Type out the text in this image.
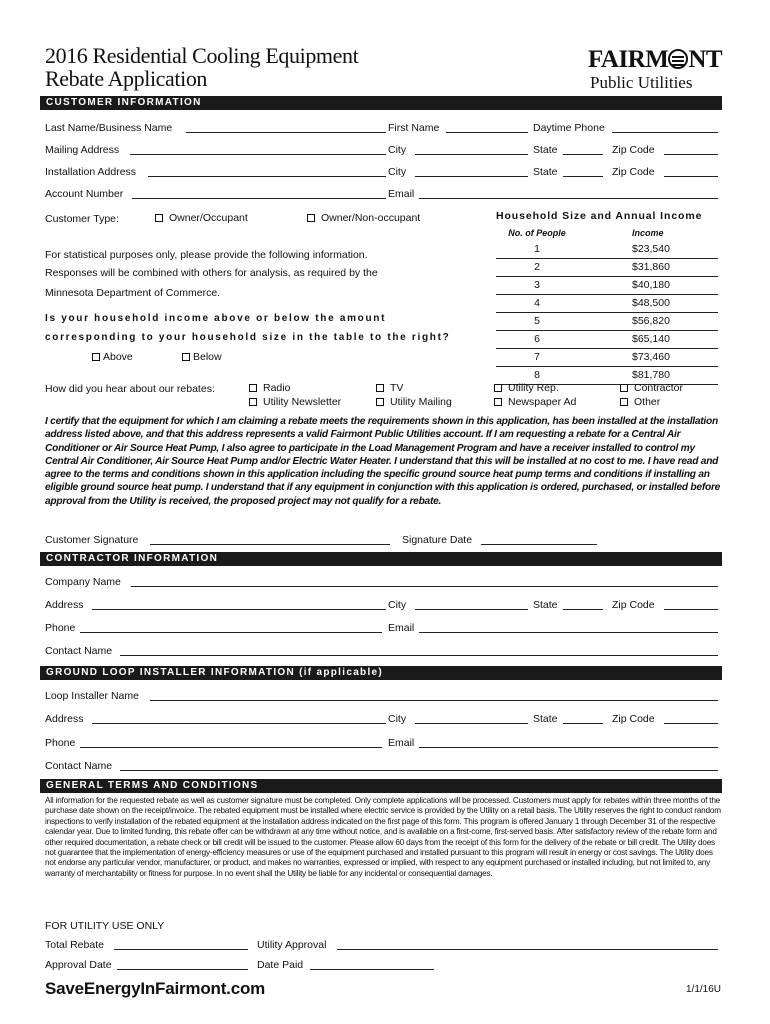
2016 Residential Cooling Equipment
Rebate Application
FAIRM NT
Public Utilities
CUSTOMER INFORMATION
Last Name/Business Name	First Name	Daytime Phone
Mailing Address	City	State	Zip Code
Installation Address	City	State	Zip Code
Account Number	Email
Customer Type:	Owner/Occupant	Owner/Non-occupant
For statistical purposes only, please provide the following information.
Responses will be combined with others for analysis, as required by the
Minnesota Department of Commerce.
Is your household income above or below the amount
corresponding to your household size in the table to the right?
Above	Below
Household Size and Annual Income
No. of People	Income
1	$23,540
2	$31,860
3	$40,180
4	$48,500
5	$56,820
6	$65,140
7	$73,460
8	$81,780
How did you hear about our rebates:	Radio
Utility Newsletter
TV
Utility Mailing
Utility Rep.
Newspaper Ad
Contractor
Other
I certify that the equipment for which I am claiming a rebate meets the requirements shown in this application, has been installed at the installation address listed above, and that this address represents a valid Fairmont Public Utilities account. If I am requesting a rebate for a Central Air Conditioner or Air Source Heat Pump, I also agree to participate in the Load Management Program and have a receiver installed to control my Central Air Conditioner, Air Source Heat Pump and/or Electric Water Heater. I understand that this will be installed at no cost to me. I have read and agree to the terms and conditions shown in this application including the specific ground source heat pump terms and conditions if installing an eligible ground source heat pump. I understand that if any equipment in conjunction with this application is ordered, purchased, or installed before approval from the Utility is received, the proposed project may not qualify for a rebate.
Customer Signature	Signature Date
CONTRACTOR INFORMATION
Company Name
Address	City	State	Zip Code
Phone	Email
Contact Name
GROUND LOOP INSTALLER INFORMATION (if applicable)
Loop Installer Name
Address	City	State	Zip Code
Phone	Email
Contact Name
GENERAL TERMS AND CONDITIONS
All information for the requested rebate as well as customer signature must be completed. Only complete applications will be processed. Customers must apply for rebates within three months of the purchase date shown on the receipt/invoice. The rebated equipment must be installed where electric service is provided by the Utility on a retail basis. The Utility reserves the right to conduct random inspections to verify installation of the rebated equipment at the installation address indicated on the first page of this form. This program is offered January 1 through December 31 of the respective calendar year. Due to limited funding, this rebate offer can be withdrawn at any time without notice, and is available on a first-come, first-served basis. After satisfactory review of the rebate form and other required documentation, a rebate check or bill credit will be issued to the customer. Please allow 60 days from the receipt of this form for the delivery of the rebate or bill credit. The Utility does not guarantee that the implementation of energy-efficiency measures or use of the equipment purchased and installed pursuant to this program will result in energy or cost savings. The Utility does not endorse any particular vendor, manufacturer, or product, and makes no warranties, expressed or implied, with respect to any equipment purchased or installed including, but not limited to, any warranty of merchantability or fitness for purpose. In no event shall the Utility be liable for any incidental or consequential damages.
FOR UTILITY USE ONLY
Total Rebate	Utility Approval
Approval Date	Date Paid
SaveEnergyInFairmont.com	1/1/16U
